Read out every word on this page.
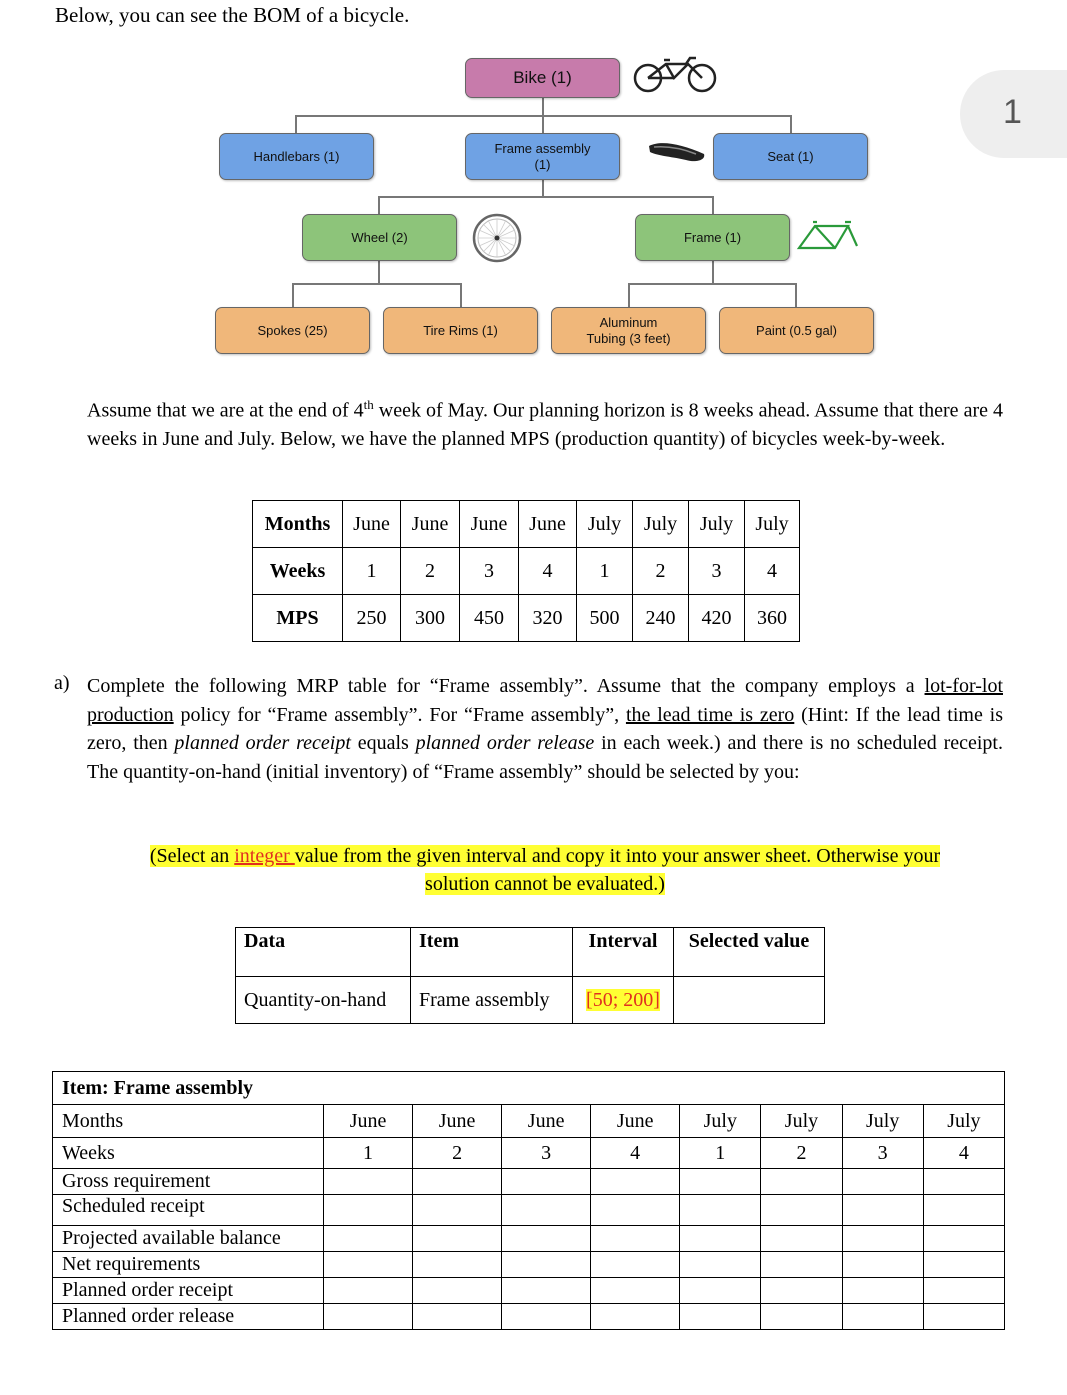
Below, you can see the BOM of a bicycle.
1
Bike (1)
Handlebars (1)
Frame assembly
(1)
Seat (1)
Wheel (2)	Frame (1)
Spokes (25)	Tire Rims (1)
Aluminum
Tubing (3 feet)
Paint (0.5 gal)
Assume that we are at the end of 4th week of May. Our planning horizon is 8 weeks ahead. Assume that there are 4 weeks in June and July. Below, we have the planned MPS (production quantity) of bicycles week-by-week.
Months	June	June	June	June	July	July	July	July
Weeks	1	2	3	4	1	2	3	4
MPS	250	300	450	320	500	240	420	360
a) Complete the following MRP table for “Frame assembly”. Assume that the company employs a lot-for-lot production policy for “Frame assembly”. For “Frame assembly”, the lead time is zero (Hint: If the lead time is zero, then planned order receipt equals planned order release in each week.) and there is no scheduled receipt. The quantity-on-hand (initial inventory) of “Frame assembly” should be selected by you:
(Select an integer value from the given interval and copy it into your answer sheet. Otherwise your
solution cannot be evaluated.)
Data	Item	Interval	Selected value
Quantity-on-hand	Frame assembly	[50; 200]	
Item: Frame assembly								
Months	June	June	June	June	July	July	July	July
Weeks	1	2	3	4	1	2	3	4
Gross requirement								
Scheduled receipt								
Projected available balance								
Net requirements								
Planned order receipt								
Planned order release								
